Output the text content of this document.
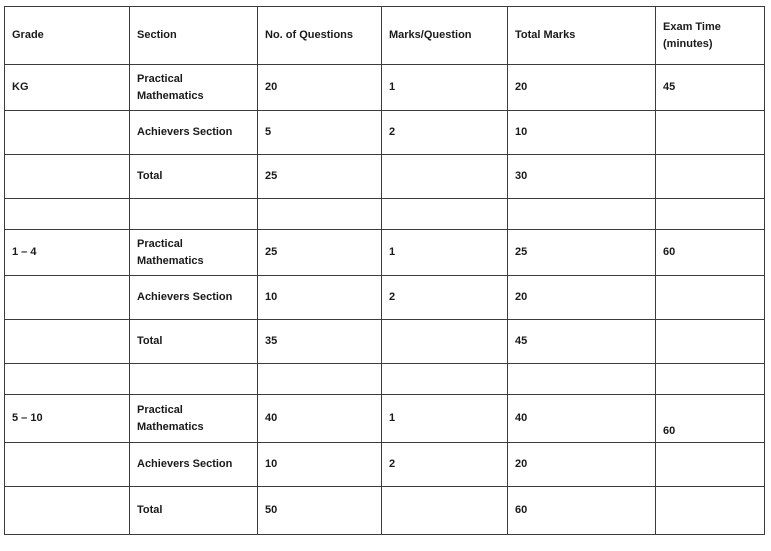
Grade	Section	No. of Questions	Marks/Question	Total Marks	Exam Time (minutes)
KG	Practical Mathematics	20	1	20	45
	Achievers Section	5	2	10	
	Total	25		30	

1 – 4	Practical Mathematics	25	1	25	60
	Achievers Section	10	2	20	
	Total	35		45	

5 – 10	Practical Mathematics	40	1	40	60
	Achievers Section	10	2	20	
	Total	50		60	
